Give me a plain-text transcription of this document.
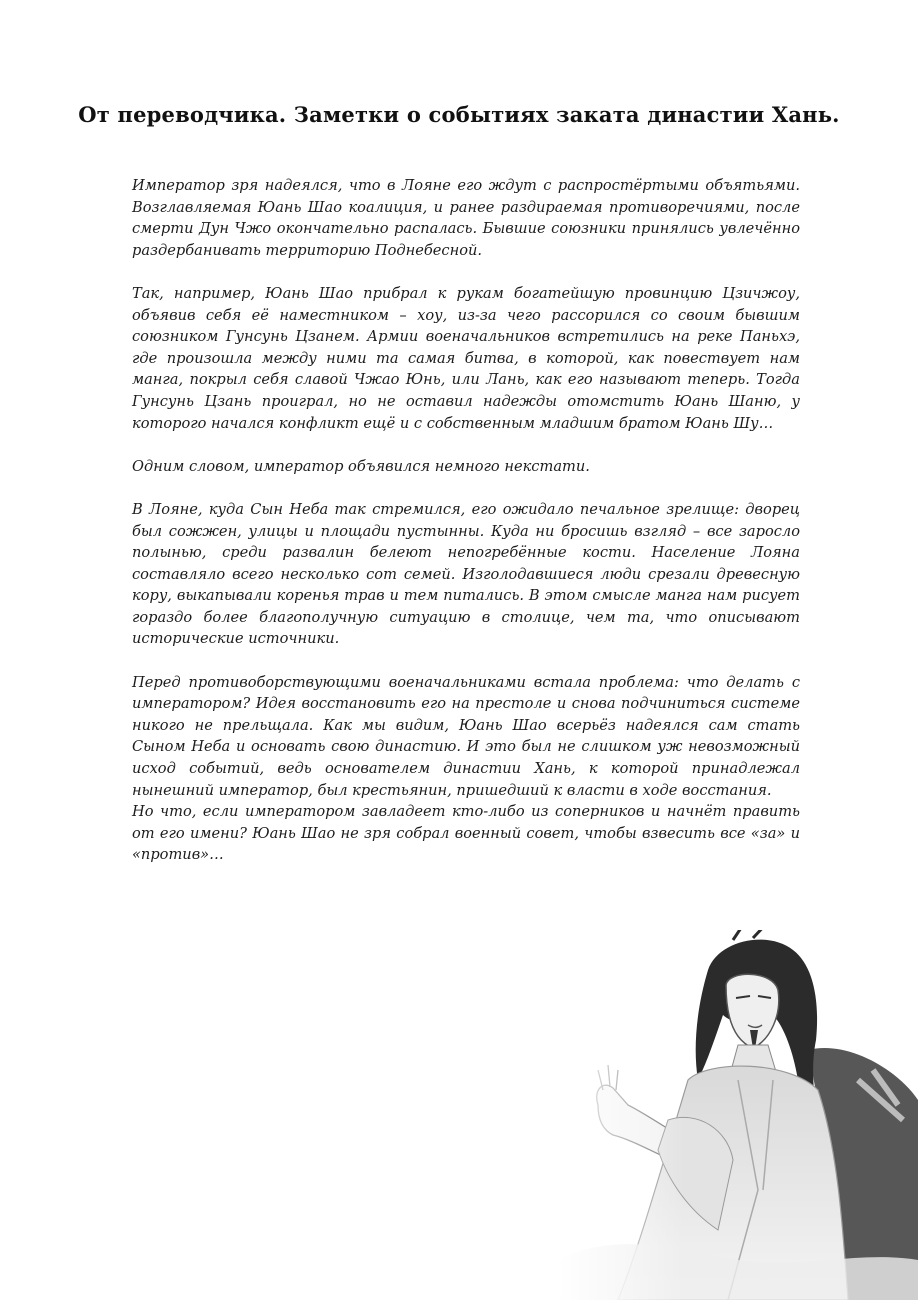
От переводчика. Заметки о событиях заката династии Хань.

Император зря надеялся, что в Лояне его ждут с распростёртыми объятьями. Возглавляемая Юань Шао коалиция, и ранее раздираемая противоречиями, после смерти Дун Чжо окончательно распалась. Бывшие союзники принялись увлечённо раздербанивать территорию Поднебесной.

Так, например, Юань Шао прибрал к рукам богатейшую провинцию Цзичжоу, объявив себя её наместником – хоу, из-за чего рассорился со своим бывшим союзником Гунсунь Цзанем. Армии военачальников встретились на реке Паньхэ, где произошла между ними та самая битва, в которой, как повествует нам манга, покрыл себя славой Чжао Юнь, или Лань, как его называют теперь. Тогда Гунсунь Цзань проиграл, но не оставил надежды отомстить Юань Шаню, у которого начался конфликт ещё и с собственным младшим братом Юань Шу…

Одним словом, император объявился немного некстати.

В Лояне, куда Сын Неба так стремился, его ожидало печальное зрелище: дворец был сожжен, улицы и площади пустынны. Куда ни бросишь взгляд – все заросло полынью, среди развалин белеют непогребённые кости. Население Лояна составляло всего несколько сот семей. Изголодавшиеся люди срезали древесную кору, выкапывали коренья трав и тем питались. В этом смысле манга нам рисует гораздо более благополучную ситуацию в столице, чем та, что описывают исторические источники.

Перед противоборствующими военачальниками встала проблема: что делать с императором? Идея восстановить его на престоле и снова подчиниться системе никого не прельщала. Как мы видим, Юань Шао всерьёз надеялся сам стать Сыном Неба и основать свою династию. И это был не слишком уж невозможный исход событий, ведь основателем династии Хань, к которой принадлежал нынешний император, был крестьянин, пришедший к власти в ходе восстания.

Но что, если императором завладеет кто-либо из соперников и начнёт править от его имени? Юань Шао не зря собрал военный совет, чтобы взвесить все «за» и «против»…
